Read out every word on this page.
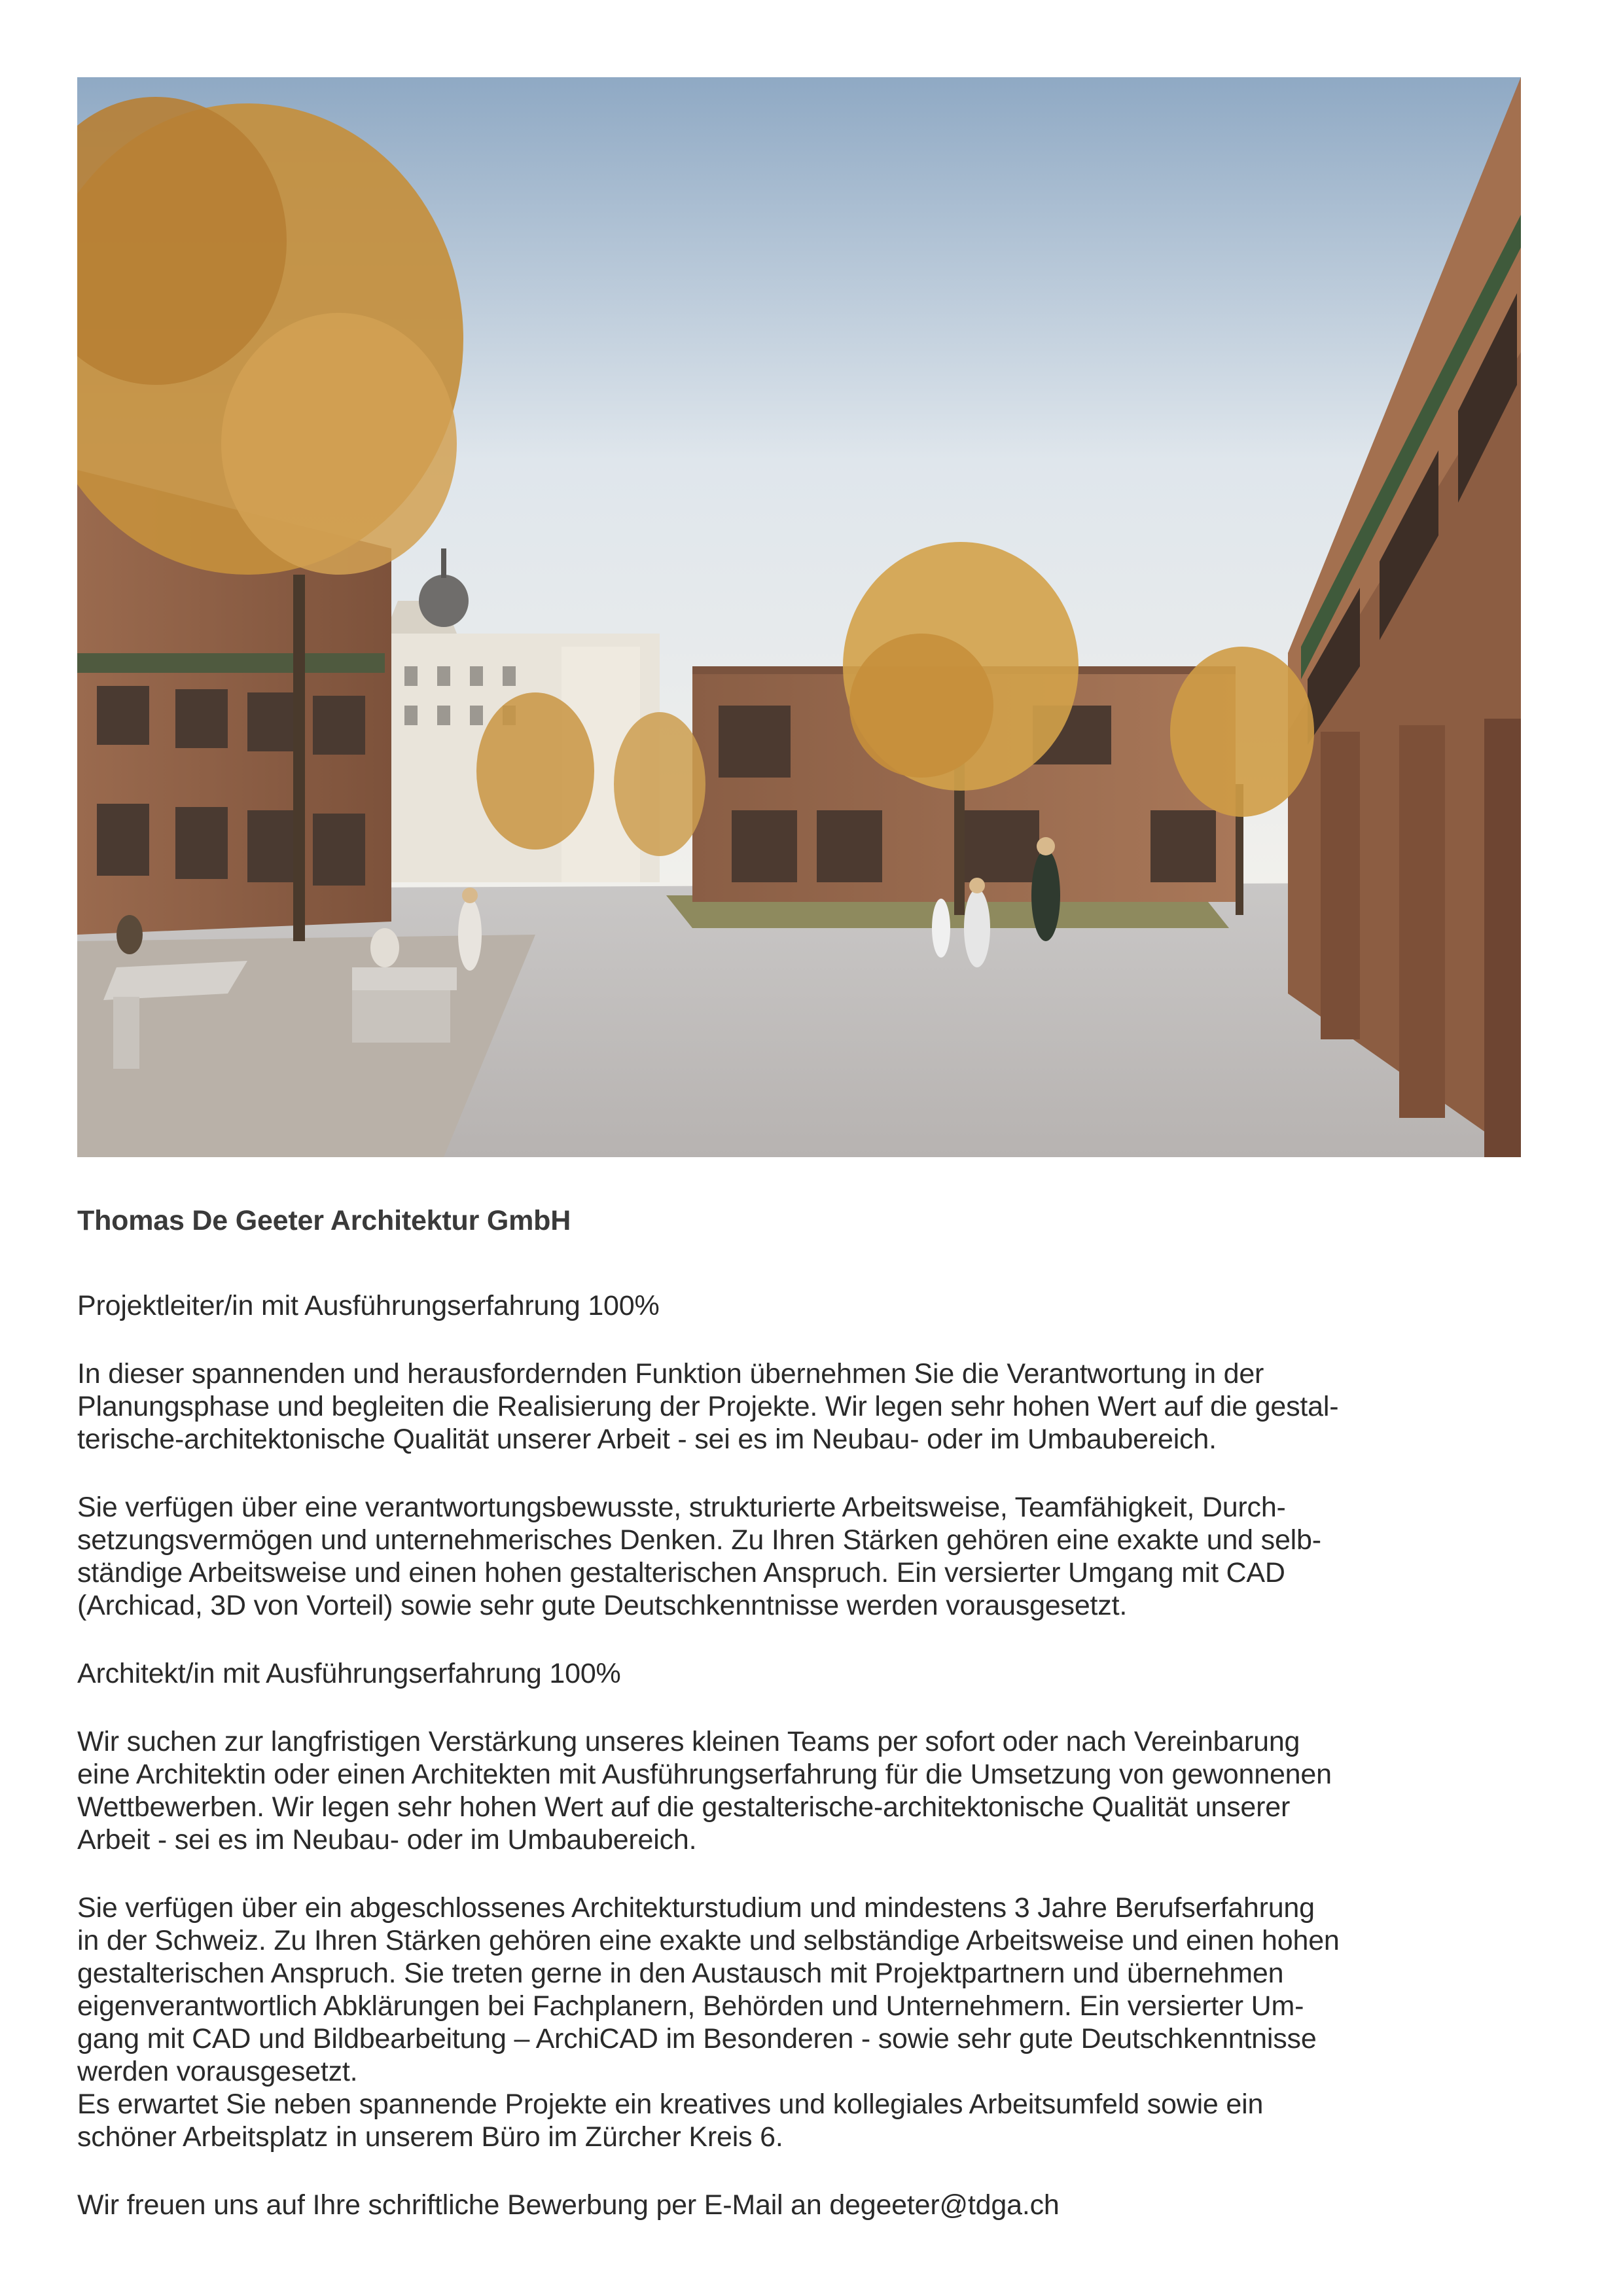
Thomas De Geeter Architektur GmbH
Projektleiter/in mit Ausführungserfahrung 100%
In dieser spannenden und herausfordernden Funktion übernehmen Sie die Verantwortung in der
Planungsphase und begleiten die Realisierung der Projekte. Wir legen sehr hohen Wert auf die gestal-
terische-architektonische Qualität unserer Arbeit - sei es im Neubau- oder im Umbaubereich.
Sie verfügen über eine verantwortungsbewusste, strukturierte Arbeitsweise, Teamfähigkeit, Durch-
setzungsvermögen und unternehmerisches Denken. Zu Ihren Stärken gehören eine exakte und selb-
ständige Arbeitsweise und einen hohen gestalterischen Anspruch. Ein versierter Umgang mit CAD
(Archicad, 3D von Vorteil) sowie sehr gute Deutschkenntnisse werden vorausgesetzt.
Architekt/in mit Ausführungserfahrung 100%
Wir suchen zur langfristigen Verstärkung unseres kleinen Teams per sofort oder nach Vereinbarung
eine Architektin oder einen Architekten mit Ausführungserfahrung für die Umsetzung von gewonnenen
Wettbewerben. Wir legen sehr hohen Wert auf die gestalterische-architektonische Qualität unserer
Arbeit - sei es im Neubau- oder im Umbaubereich.
Sie verfügen über ein abgeschlossenes Architekturstudium und mindestens 3 Jahre Berufserfahrung
in der Schweiz. Zu Ihren Stärken gehören eine exakte und selbständige Arbeitsweise und einen hohen
gestalterischen Anspruch. Sie treten gerne in den Austausch mit Projektpartnern und übernehmen
eigenverantwortlich Abklärungen bei Fachplanern, Behörden und Unternehmern. Ein versierter Um-
gang mit CAD und Bildbearbeitung – ArchiCAD im Besonderen - sowie sehr gute Deutschkenntnisse
werden vorausgesetzt.
Es erwartet Sie neben spannende Projekte ein kreatives und kollegiales Arbeitsumfeld sowie ein
schöner Arbeitsplatz in unserem Büro im Zürcher Kreis 6.
Wir freuen uns auf Ihre schriftliche Bewerbung per E-Mail an degeeter@tdga.ch
